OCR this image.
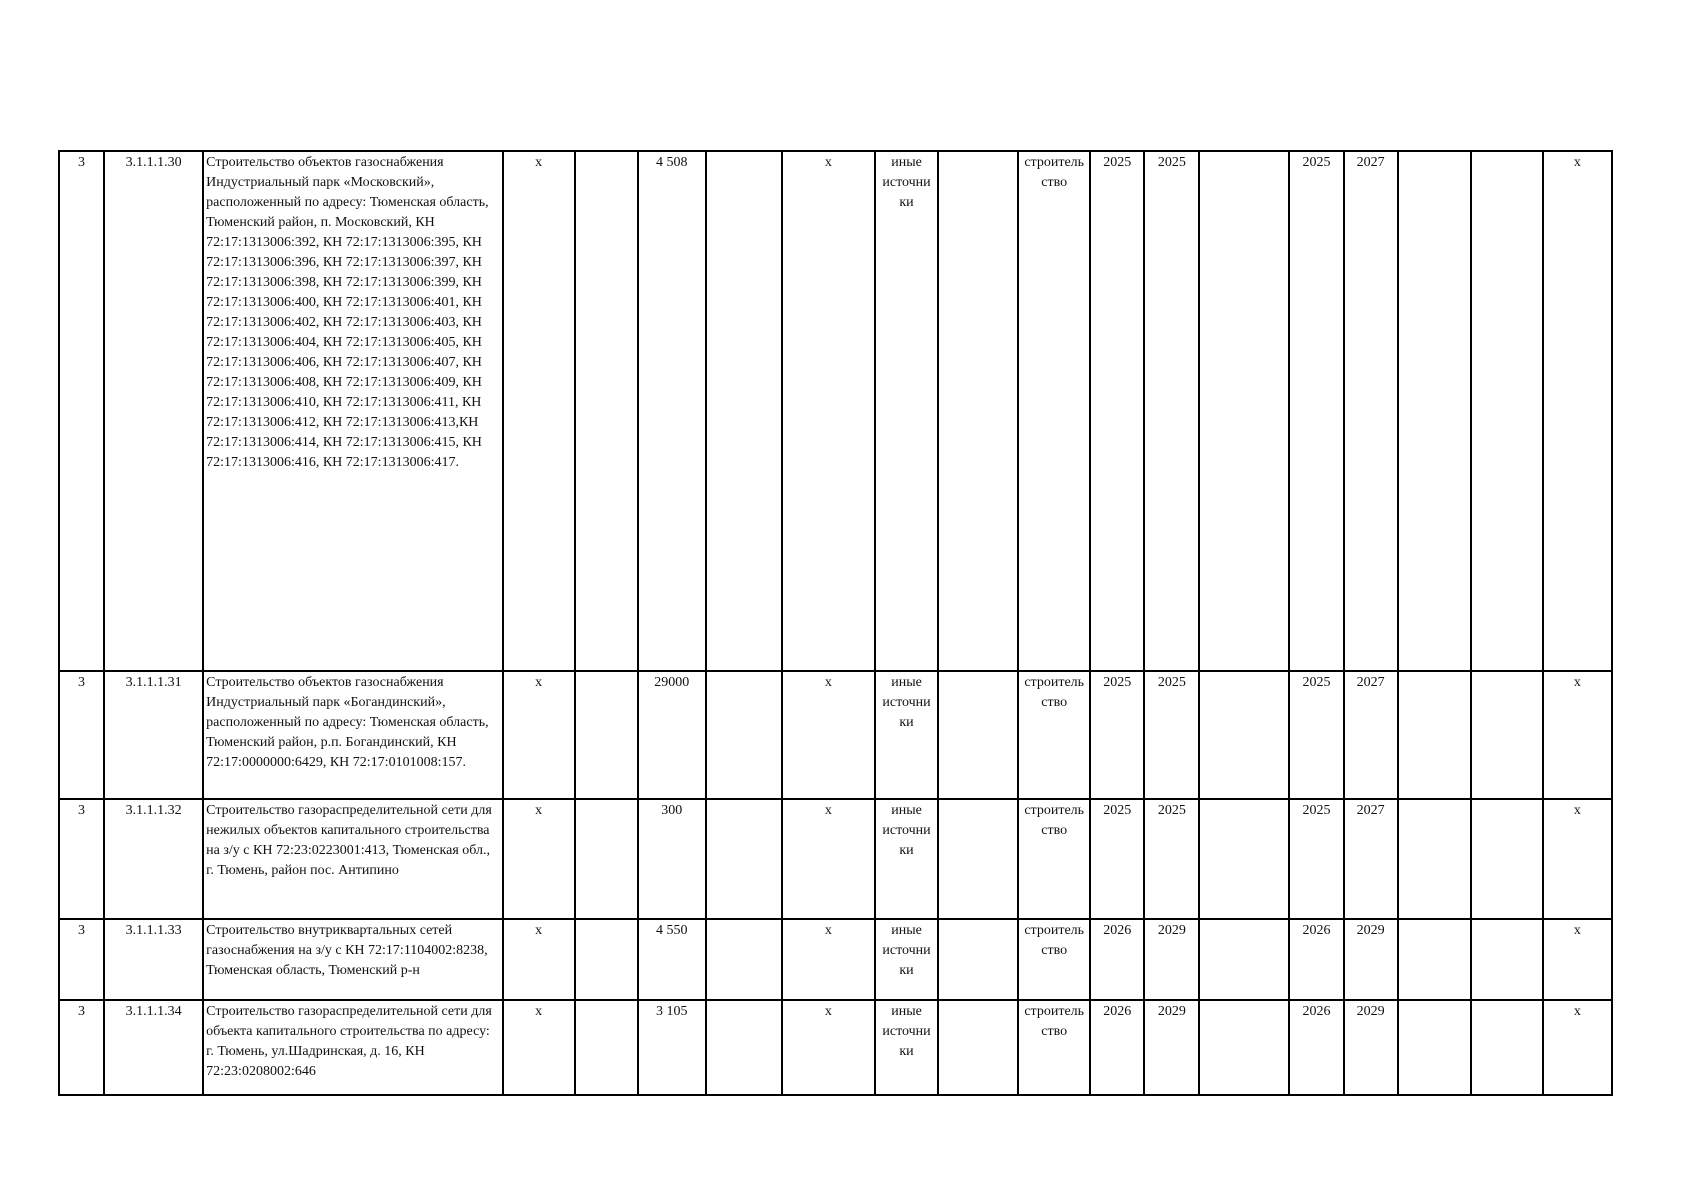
3	3.1.1.1.30	Строительство объектов газоснабжения Индустриальный парк «Московский», расположенный по адресу: Тюменская область, Тюменский район, п. Московский, КН 72:17:1313006:392, КН 72:17:1313006:395, КН 72:17:1313006:396, КН 72:17:1313006:397, КН 72:17:1313006:398, КН 72:17:1313006:399, КН 72:17:1313006:400, КН 72:17:1313006:401, КН 72:17:1313006:402, КН 72:17:1313006:403, КН 72:17:1313006:404, КН 72:17:1313006:405, КН 72:17:1313006:406, КН 72:17:1313006:407, КН 72:17:1313006:408, КН 72:17:1313006:409, КН 72:17:1313006:410, КН 72:17:1313006:411, КН 72:17:1313006:412, КН 72:17:1313006:413,КН 72:17:1313006:414, КН 72:17:1313006:415, КН 72:17:1313006:416, КН 72:17:1313006:417.	х		4 508		х	иные источни ки		строитель ство	2025	2025		2025	2027			х
3	3.1.1.1.31	Строительство объектов газоснабжения Индустриальный парк «Богандинский», расположенный по адресу: Тюменская область, Тюменский район, р.п. Богандинский, КН 72:17:0000000:6429, КН 72:17:0101008:157.	х		29000		х	иные источни ки		строитель ство	2025	2025		2025	2027			х
3	3.1.1.1.32	Строительство газораспределительной сети для нежилых объектов капитального строительства на з/у с КН 72:23:0223001:413, Тюменская обл., г. Тюмень, район пос. Антипино	х		300		х	иные источни ки		строитель ство	2025	2025		2025	2027			х
3	3.1.1.1.33	Строительство внутриквартальных сетей газоснабжения на з/у с КН 72:17:1104002:8238, Тюменская область, Тюменский р-н	х		4 550		х	иные источни ки		строитель ство	2026	2029		2026	2029			х
3	3.1.1.1.34	Строительство газораспределительной сети для объекта капитального строительства по адресу: г. Тюмень, ул.Шадринская, д. 16, КН 72:23:0208002:646	х		3 105		х	иные источни ки		строитель ство	2026	2029		2026	2029			х
